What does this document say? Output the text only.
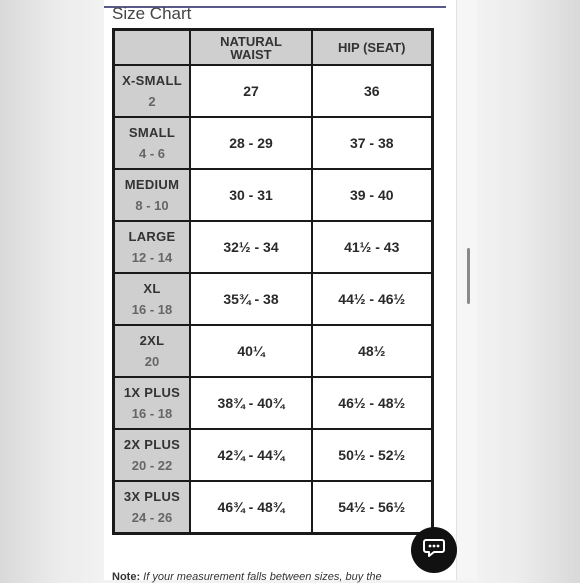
Size Chart
	NATURAL WAIST	HIP (SEAT)

X-SMALL
2	27	36

SMALL
4 - 6	28 - 29	37 - 38

MEDIUM
8 - 10	30 - 31	39 - 40

LARGE
12 - 14	32½ - 34	41½ - 43

XL
16 - 18	35¾ - 38	44½ - 46½

2XL
20	40¼	48½

1X PLUS
16 - 18	38¾ - 40¾	46½ - 48½

2X PLUS
20 - 22	42¾ - 44¾	50½ - 52½

3X PLUS
24 - 26	46¾ - 48¾	54½ - 56½
Note: If your measurement falls between sizes, buy the
